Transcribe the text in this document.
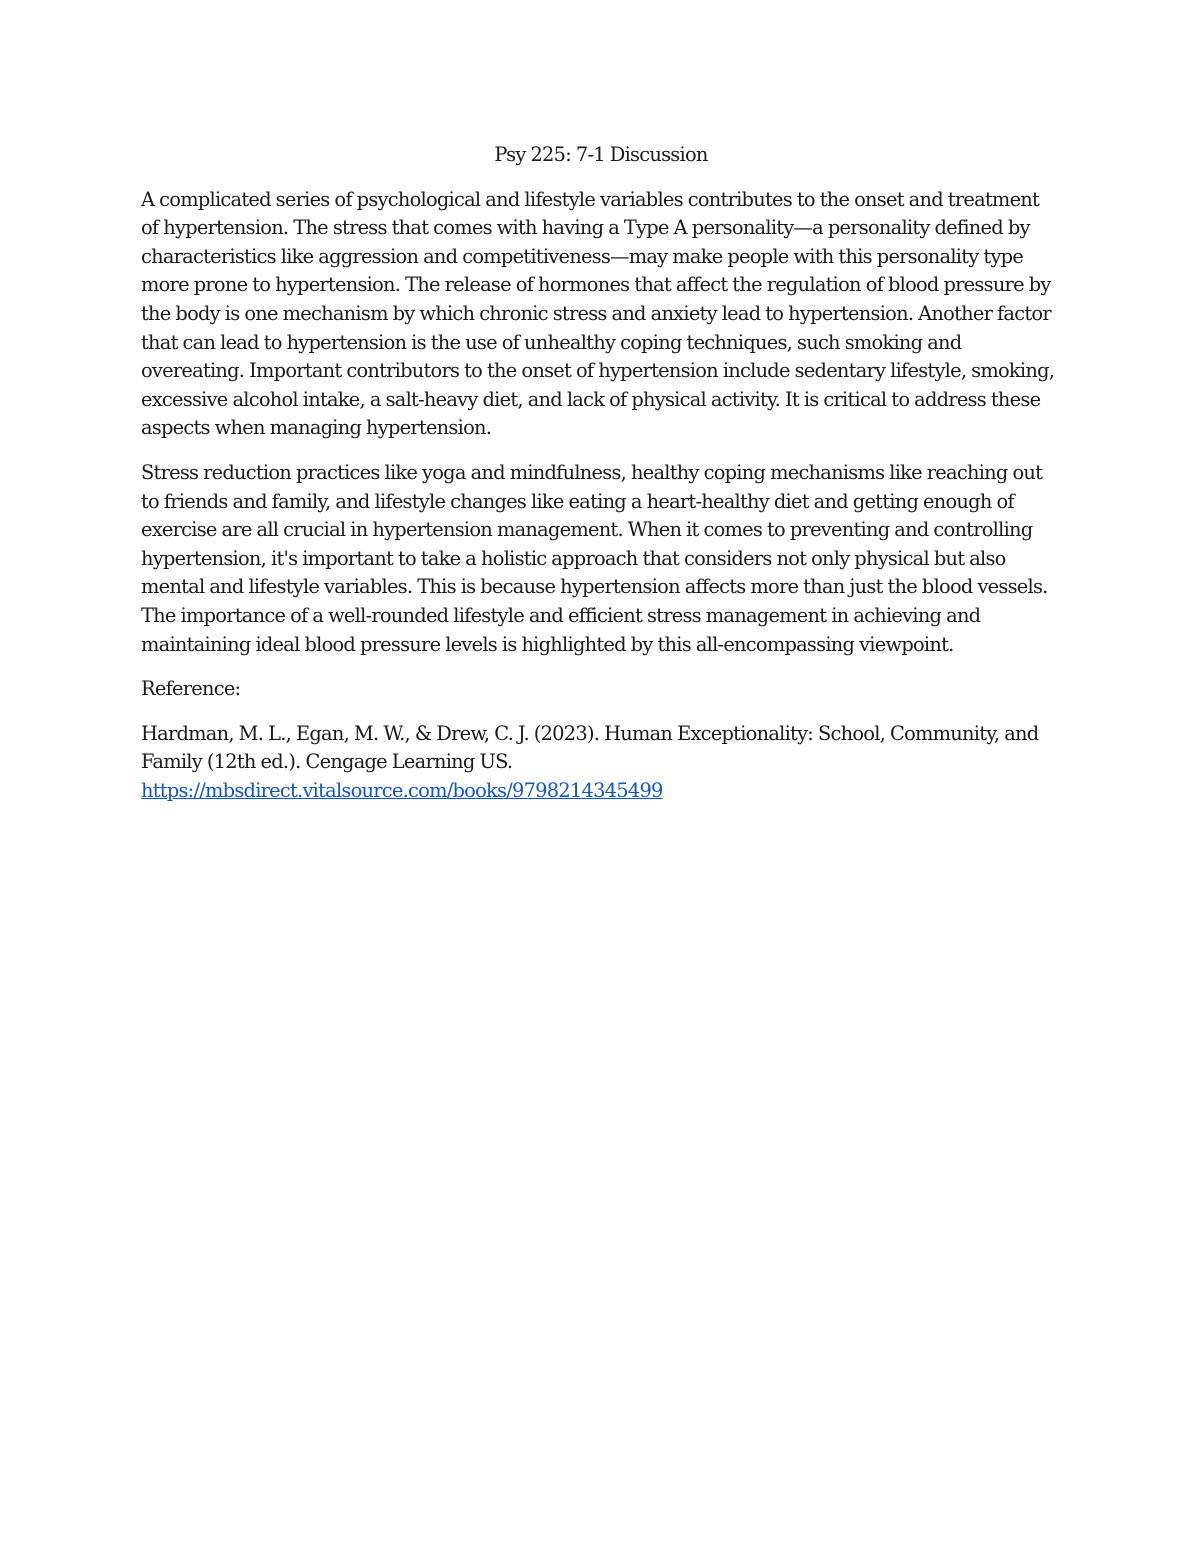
Psy 225: 7-1 Discussion

A complicated series of psychological and lifestyle variables contributes to the onset and treatment of hypertension. The stress that comes with having a Type A personality—a personality defined by characteristics like aggression and competitiveness—may make people with this personality type more prone to hypertension. The release of hormones that affect the regulation of blood pressure by the body is one mechanism by which chronic stress and anxiety lead to hypertension. Another factor that can lead to hypertension is the use of unhealthy coping techniques, such smoking and overeating. Important contributors to the onset of hypertension include sedentary lifestyle, smoking, excessive alcohol intake, a salt-heavy diet, and lack of physical activity. It is critical to address these aspects when managing hypertension.

Stress reduction practices like yoga and mindfulness, healthy coping mechanisms like reaching out to friends and family, and lifestyle changes like eating a heart-healthy diet and getting enough of exercise are all crucial in hypertension management. When it comes to preventing and controlling hypertension, it's important to take a holistic approach that considers not only physical but also mental and lifestyle variables. This is because hypertension affects more than just the blood vessels. The importance of a well-rounded lifestyle and efficient stress management in achieving and maintaining ideal blood pressure levels is highlighted by this all-encompassing viewpoint.

Reference:

Hardman, M. L., Egan, M. W., & Drew, C. J. (2023). Human Exceptionality: School, Community, and Family (12th ed.). Cengage Learning US.
https://mbsdirect.vitalsource.com/books/9798214345499
